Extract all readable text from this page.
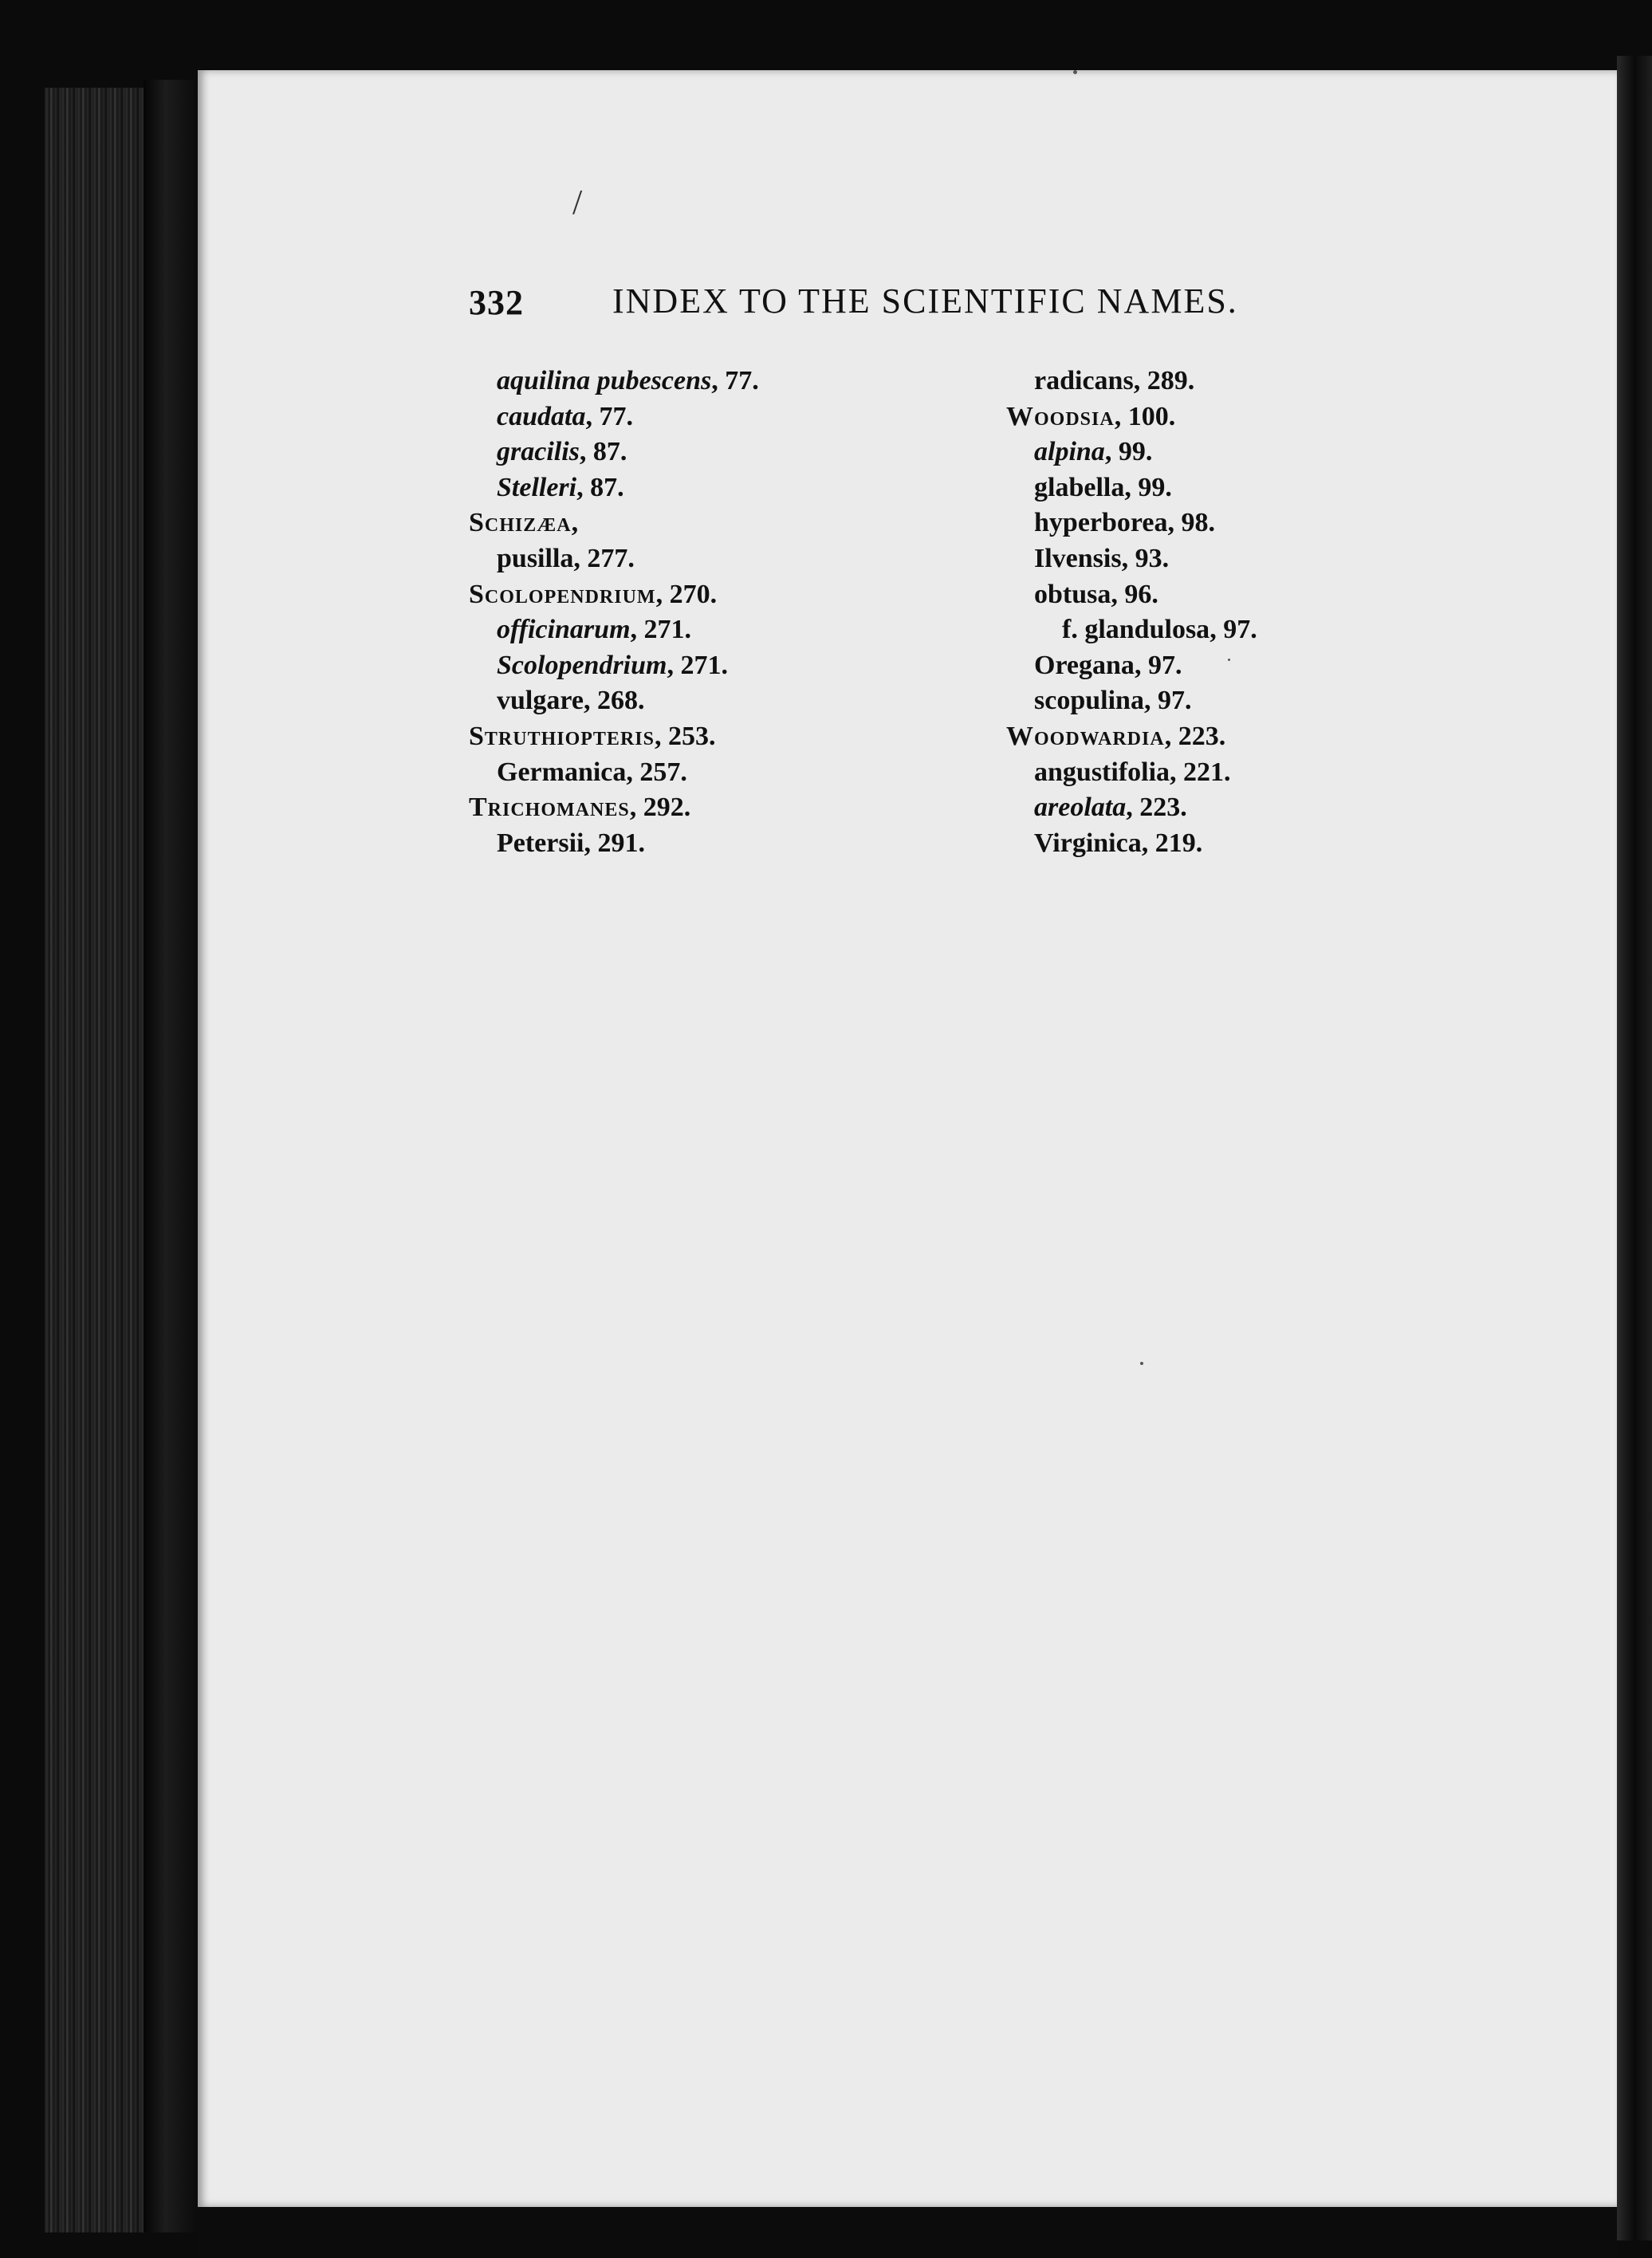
/
332	INDEX TO THE SCIENTIFIC NAMES.
aquilina pubescens, 77.
caudata, 77.
gracilis, 87.
Stelleri, 87.
Schizæa,
pusilla, 277.
Scolopendrium, 270.
officinarum, 271.
Scolopendrium, 271.
vulgare, 268.
Struthiopteris, 253.
Germanica, 257.
Trichomanes, 292.
Petersii, 291.
radicans, 289.
Woodsia, 100.
alpina, 99.
glabella, 99.
hyperborea, 98.
Ilvensis, 93.
obtusa, 96.
f. glandulosa, 97.
Oregana, 97.
scopulina, 97.
Woodwardia, 223.
angustifolia, 221.
areolata, 223.
Virginica, 219.
